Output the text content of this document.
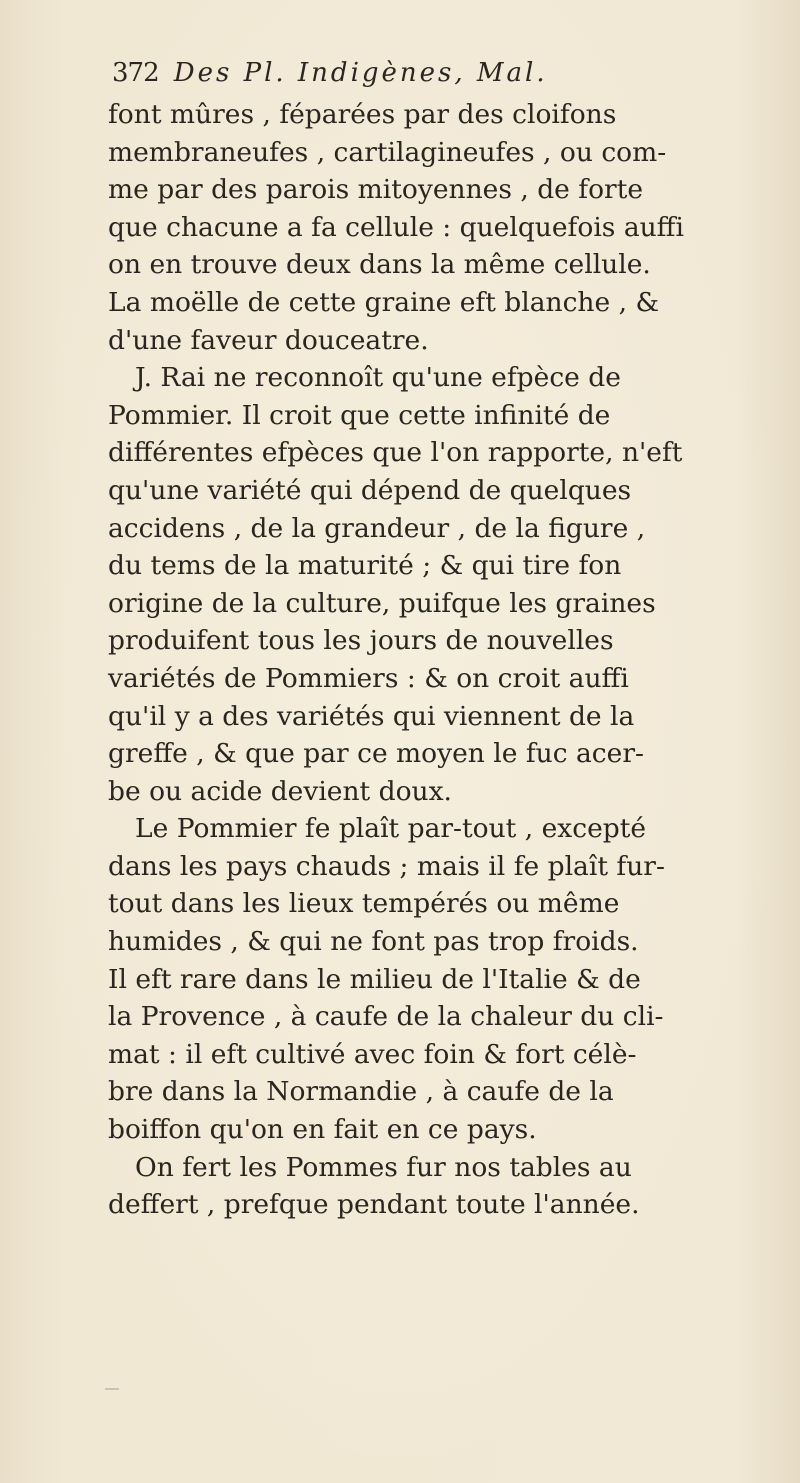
372 Des Pl. Indigènes, Mal.
font mûres , féparées par des cloifons
membraneufes , cartilagineufes , ou com-
me par des parois mitoyennes , de forte
que chacune a fa cellule : quelquefois auffi
on en trouve deux dans la même cellule.
La moëlle de cette graine eft blanche , &
d'une faveur douceatre.
J. Rai ne reconnoît qu'une efpèce de
Pommier. Il croit que cette infinité de
différentes efpèces que l'on rapporte, n'eft
qu'une variété qui dépend de quelques
accidens , de la grandeur , de la figure ,
du tems de la maturité ; & qui tire fon
origine de la culture, puifque les graines
produifent tous les jours de nouvelles
variétés de Pommiers : & on croit auffi
qu'il y a des variétés qui viennent de la
greffe , & que par ce moyen le fuc acer-
be ou acide devient doux.
Le Pommier fe plaît par-tout , excepté
dans les pays chauds ; mais il fe plaît fur-
tout dans les lieux tempérés ou même
humides , & qui ne font pas trop froids.
Il eft rare dans le milieu de l'Italie & de
la Provence , à caufe de la chaleur du cli-
mat : il eft cultivé avec foin & fort célè-
bre dans la Normandie , à caufe de la
boiffon qu'on en fait en ce pays.
On fert les Pommes fur nos tables au
deffert , prefque pendant toute l'année.
